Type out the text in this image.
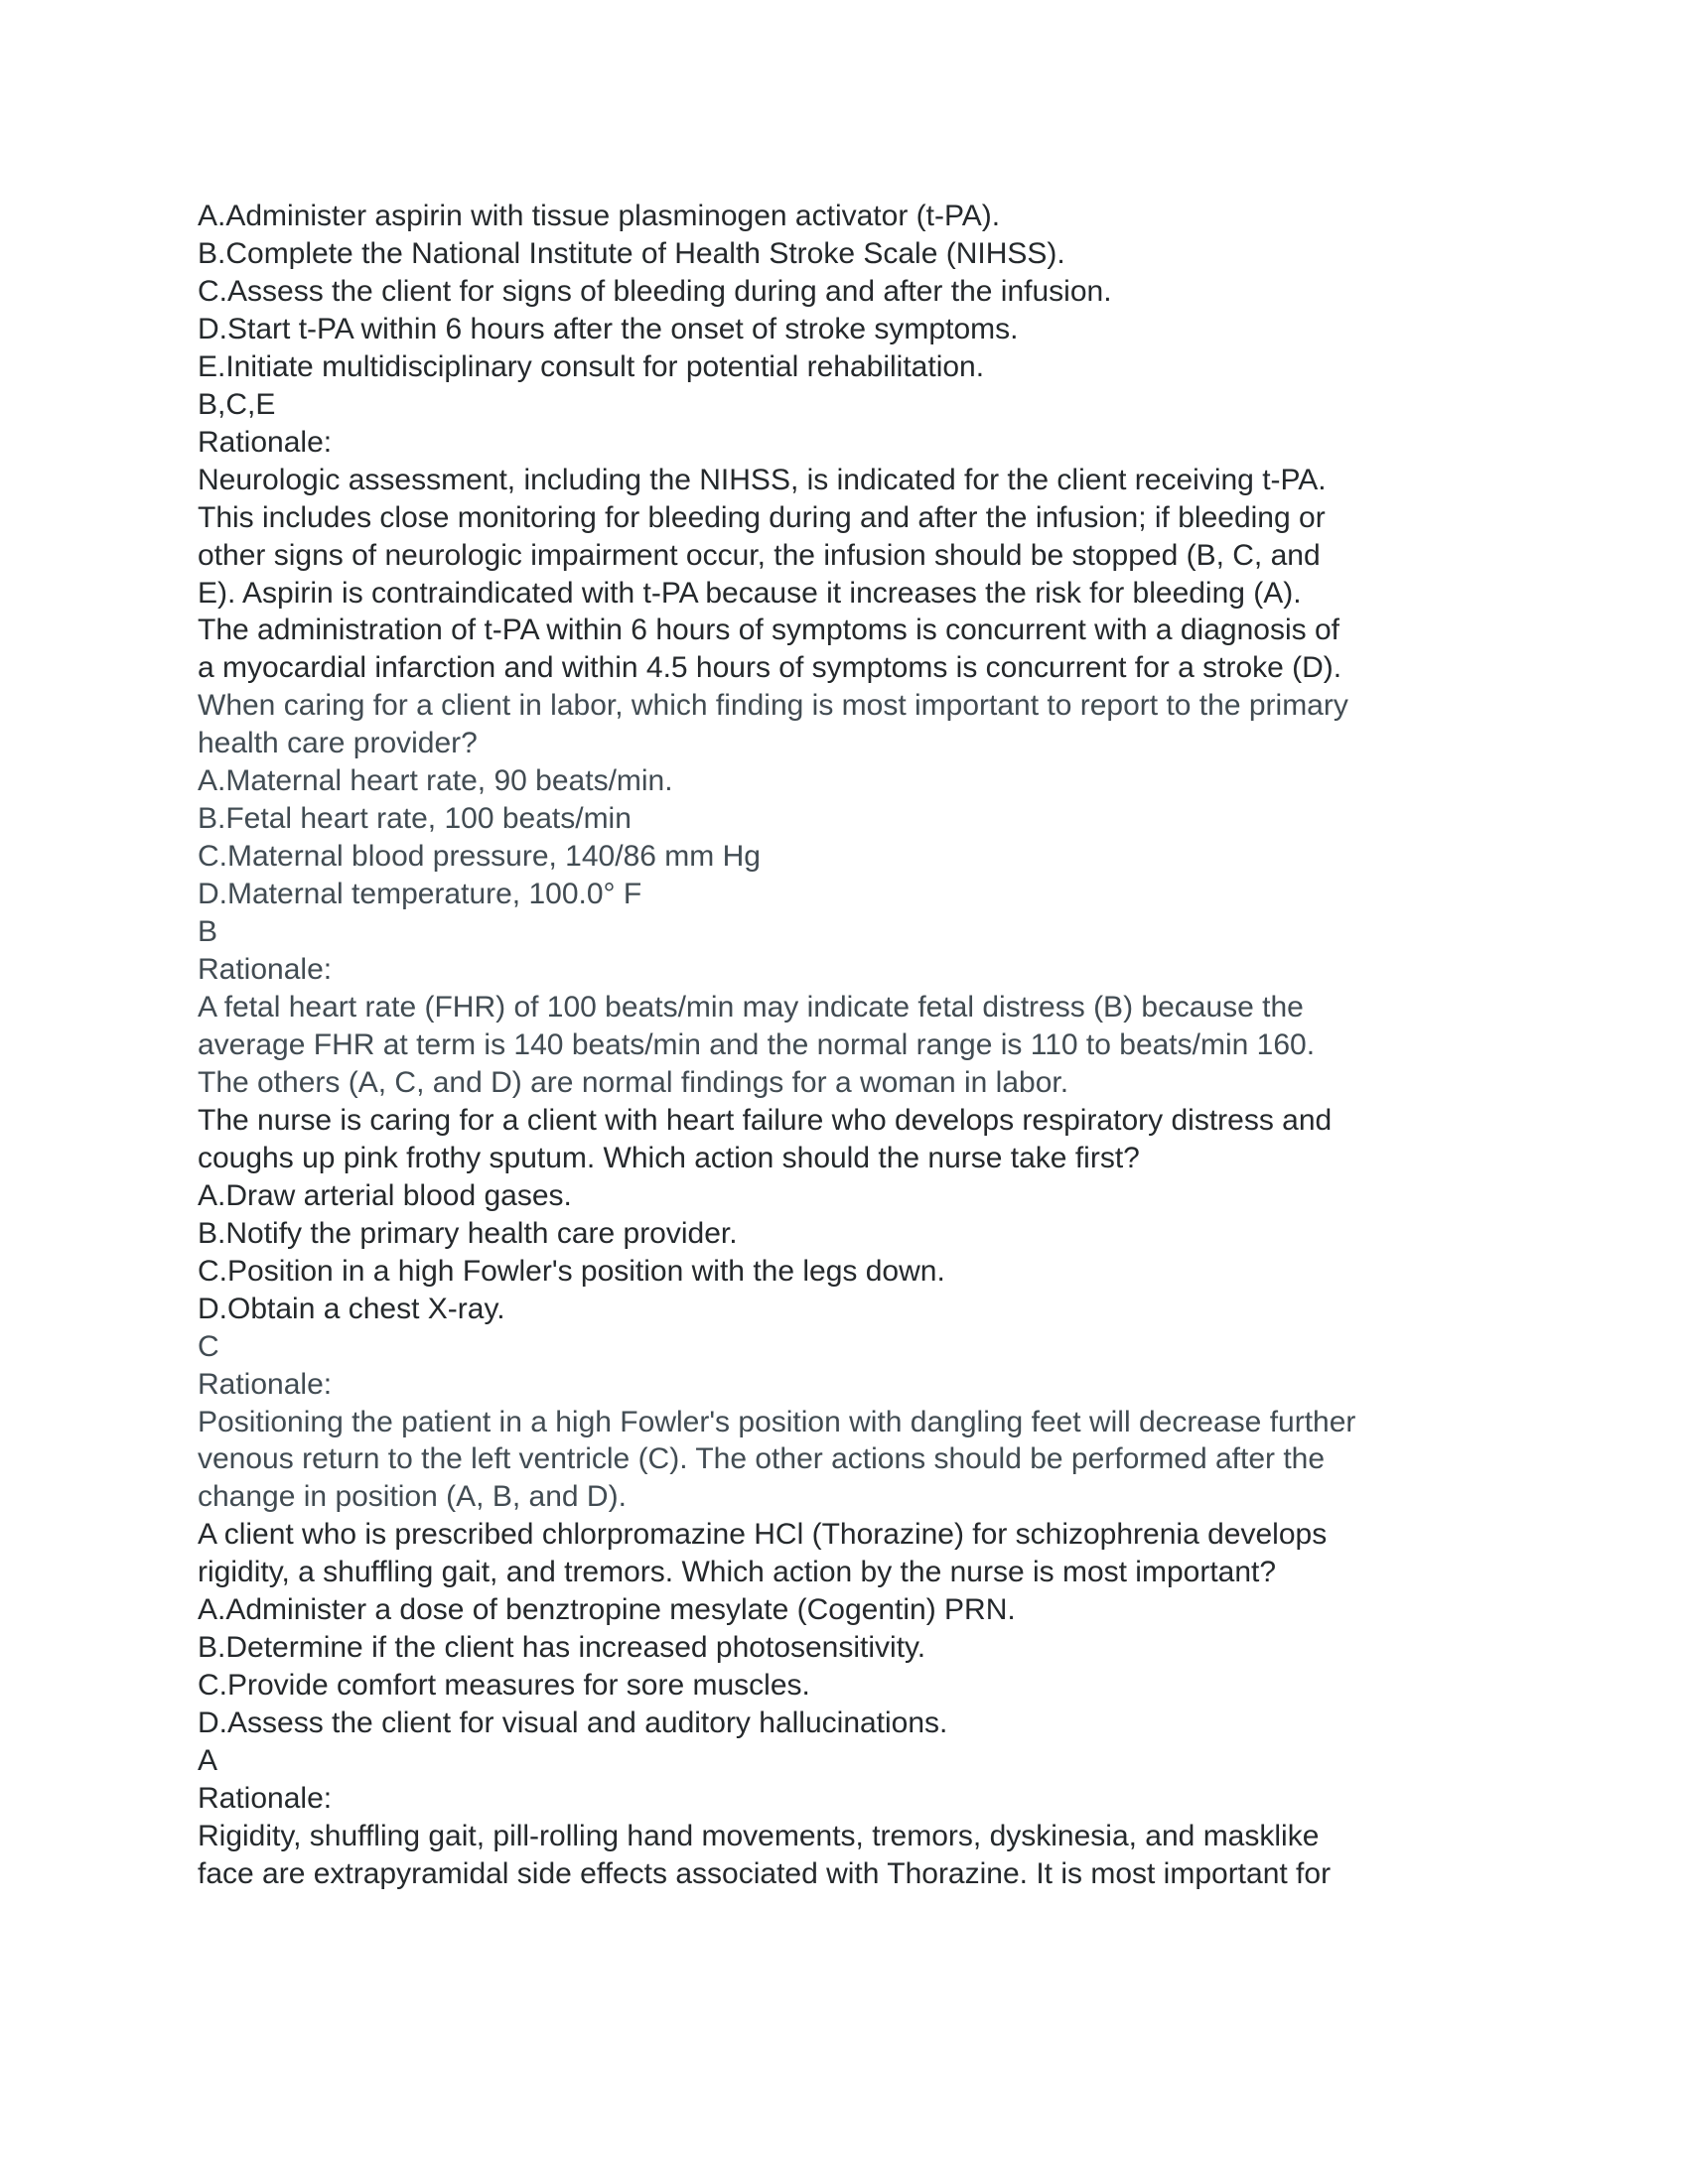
A.Administer aspirin with tissue plasminogen activator (t-PA).
B.Complete the National Institute of Health Stroke Scale (NIHSS).
C.Assess the client for signs of bleeding during and after the infusion.
D.Start t-PA within 6 hours after the onset of stroke symptoms.
E.Initiate multidisciplinary consult for potential rehabilitation.
B,C,E
Rationale:
Neurologic assessment, including the NIHSS, is indicated for the client receiving t-PA.
This includes close monitoring for bleeding during and after the infusion; if bleeding or
other signs of neurologic impairment occur, the infusion should be stopped (B, C, and
E). Aspirin is contraindicated with t-PA because it increases the risk for bleeding (A).
The administration of t-PA within 6 hours of symptoms is concurrent with a diagnosis of
a myocardial infarction and within 4.5 hours of symptoms is concurrent for a stroke (D).
When caring for a client in labor, which finding is most important to report to the primary
health care provider?
A.Maternal heart rate, 90 beats/min.
B.Fetal heart rate, 100 beats/min
C.Maternal blood pressure, 140/86 mm Hg
D.Maternal temperature, 100.0° F
B
Rationale:
A fetal heart rate (FHR) of 100 beats/min may indicate fetal distress (B) because the
average FHR at term is 140 beats/min and the normal range is 110 to beats/min 160.
The others (A, C, and D) are normal findings for a woman in labor.
The nurse is caring for a client with heart failure who develops respiratory distress and
coughs up pink frothy sputum. Which action should the nurse take first?
A.Draw arterial blood gases.
B.Notify the primary health care provider.
C.Position in a high Fowler's position with the legs down.
D.Obtain a chest X-ray.
C
Rationale:
Positioning the patient in a high Fowler's position with dangling feet will decrease further
venous return to the left ventricle (C). The other actions should be performed after the
change in position (A, B, and D).
A client who is prescribed chlorpromazine HCl (Thorazine) for schizophrenia develops
rigidity, a shuffling gait, and tremors. Which action by the nurse is most important?
A.Administer a dose of benztropine mesylate (Cogentin) PRN.
B.Determine if the client has increased photosensitivity.
C.Provide comfort measures for sore muscles.
D.Assess the client for visual and auditory hallucinations.
A
Rationale:
Rigidity, shuffling gait, pill-rolling hand movements, tremors, dyskinesia, and masklike
face are extrapyramidal side effects associated with Thorazine. It is most important for
